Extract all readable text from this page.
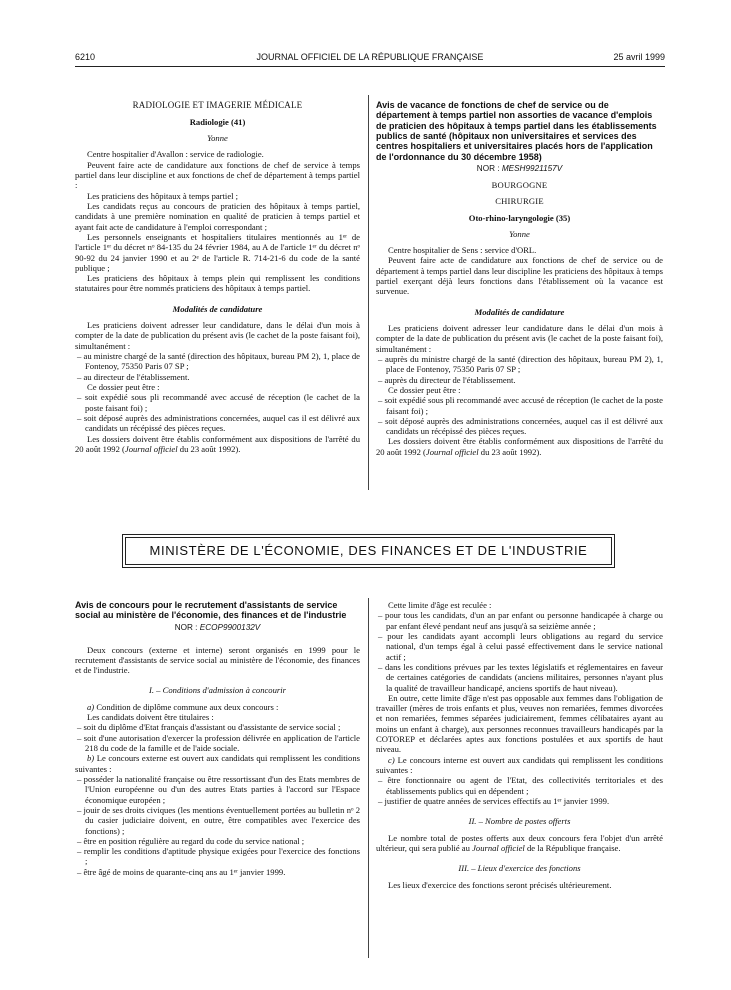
6210	JOURNAL OFFICIEL DE LA RÉPUBLIQUE FRANÇAISE	25 avril 1999

RADIOLOGIE ET IMAGERIE MÉDICALE

Radiologie (41)

Yonne

Centre hospitalier d'Avallon : service de radiologie.

Peuvent faire acte de candidature aux fonctions de chef de service à temps partiel dans leur discipline et aux fonctions de chef de département à temps partiel :

Les praticiens des hôpitaux à temps partiel ;

Les candidats reçus au concours de praticien des hôpitaux à temps partiel, candidats à une première nomination en qualité de praticien à temps partiel et ayant fait acte de candidature à l'emploi correspondant ;

Les personnels enseignants et hospitaliers titulaires mentionnés au 1ᵉʳ de l'article 1ᵉʳ du décret nᵒ 84-135 du 24 février 1984, au A de l'article 1ᵉʳ du décret nᵒ 90-92 du 24 janvier 1990 et au 2ᵉ de l'article R. 714-21-6 du code de la santé publique ;

Les praticiens des hôpitaux à temps plein qui remplissent les conditions statutaires pour être nommés praticiens des hôpitaux à temps partiel.

Modalités de candidature

Les praticiens doivent adresser leur candidature, dans le délai d'un mois à compter de la date de publication du présent avis (le cachet de la poste faisant foi), simultanément :

– au ministre chargé de la santé (direction des hôpitaux, bureau PM 2), 1, place de Fontenoy, 75350 Paris 07 SP ;
– au directeur de l'établissement.

Ce dossier peut être :

– soit expédié sous pli recommandé avec accusé de réception (le cachet de la poste faisant foi) ;
– soit déposé auprès des administrations concernées, auquel cas il est délivré aux candidats un récépissé des pièces reçues.

Les dossiers doivent être établis conformément aux dispositions de l'arrêté du 20 août 1992 (Journal officiel du 23 août 1992).

Avis de vacance de fonctions de chef de service ou de département à temps partiel non assorties de vacance d'emplois de praticien des hôpitaux à temps partiel dans les établissements publics de santé (hôpitaux non universitaires et services des centres hospitaliers et universitaires placés hors de l'application de l'ordonnance du 30 décembre 1958)

NOR : MESH9921157V

BOURGOGNE

CHIRURGIE

Oto-rhino-laryngologie (35)

Yonne

Centre hospitalier de Sens : service d'ORL.

Peuvent faire acte de candidature aux fonctions de chef de service ou de département à temps partiel dans leur discipline les praticiens des hôpitaux à temps partiel exerçant déjà leurs fonctions dans l'établissement où la vacance est survenue.

Modalités de candidature

Les praticiens doivent adresser leur candidature dans le délai d'un mois à compter de la date de publication du présent avis (le cachet de la poste faisant foi), simultanément :

– auprès du ministre chargé de la santé (direction des hôpitaux, bureau PM 2), 1, place de Fontenoy, 75350 Paris 07 SP ;
– auprès du directeur de l'établissement.

Ce dossier peut être :

– soit expédié sous pli recommandé avec accusé de réception (le cachet de la poste faisant foi) ;
– soit déposé auprès des administrations concernées, auquel cas il est délivré aux candidats un récépissé des pièces reçues.

Les dossiers doivent être établis conformément aux dispositions de l'arrêté du 20 août 1992 (Journal officiel du 23 août 1992).

MINISTÈRE DE L'ÉCONOMIE, DES FINANCES ET DE L'INDUSTRIE

Avis de concours pour le recrutement d'assistants de service social au ministère de l'économie, des finances et de l'industrie

NOR : ECOP9900132V

Deux concours (externe et interne) seront organisés en 1999 pour le recrutement d'assistants de service social au ministère de l'économie, des finances et de l'industrie.

I. – Conditions d'admission à concourir

a) Condition de diplôme commune aux deux concours :

Les candidats doivent être titulaires :

– soit du diplôme d'Etat français d'assistant ou d'assistante de service social ;
– soit d'une autorisation d'exercer la profession délivrée en application de l'article 218 du code de la famille et de l'aide sociale.

b) Le concours externe est ouvert aux candidats qui remplissent les conditions suivantes :

– posséder la nationalité française ou être ressortissant d'un des Etats membres de l'Union européenne ou d'un des autres Etats parties à l'accord sur l'Espace économique européen ;
– jouir de ses droits civiques (les mentions éventuellement portées au bulletin nᵒ 2 du casier judiciaire doivent, en outre, être compatibles avec l'exercice des fonctions) ;
– être en position régulière au regard du code du service national ;
– remplir les conditions d'aptitude physique exigées pour l'exercice des fonctions ;
– être âgé de moins de quarante-cinq ans au 1ᵉʳ janvier 1999.

Cette limite d'âge est reculée :

– pour tous les candidats, d'un an par enfant ou personne handicapée à charge ou par enfant élevé pendant neuf ans jusqu'à sa seizième année ;
– pour les candidats ayant accompli leurs obligations au regard du service national, d'un temps égal à celui passé effectivement dans le service national actif ;
– dans les conditions prévues par les textes législatifs et réglementaires en faveur de certaines catégories de candidats (anciens militaires, personnes n'ayant plus la qualité de travailleur handicapé, anciens sportifs de haut niveau).

En outre, cette limite d'âge n'est pas opposable aux femmes dans l'obligation de travailler (mères de trois enfants et plus, veuves non remariées, femmes divorcées et non remariées, femmes séparées judiciairement, femmes célibataires ayant au moins un enfant à charge), aux personnes reconnues travailleurs handicapés par la COTOREP et déclarées aptes aux fonctions postulées et aux sportifs de haut niveau.

c) Le concours interne est ouvert aux candidats qui remplissent les conditions suivantes :

– être fonctionnaire ou agent de l'Etat, des collectivités territoriales et des établissements publics qui en dépendent ;
– justifier de quatre années de services effectifs au 1ᵉʳ janvier 1999.

II. – Nombre de postes offerts

Le nombre total de postes offerts aux deux concours fera l'objet d'un arrêté ultérieur, qui sera publié au Journal officiel de la République française.

III. – Lieux d'exercice des fonctions

Les lieux d'exercice des fonctions seront précisés ultérieurement.
